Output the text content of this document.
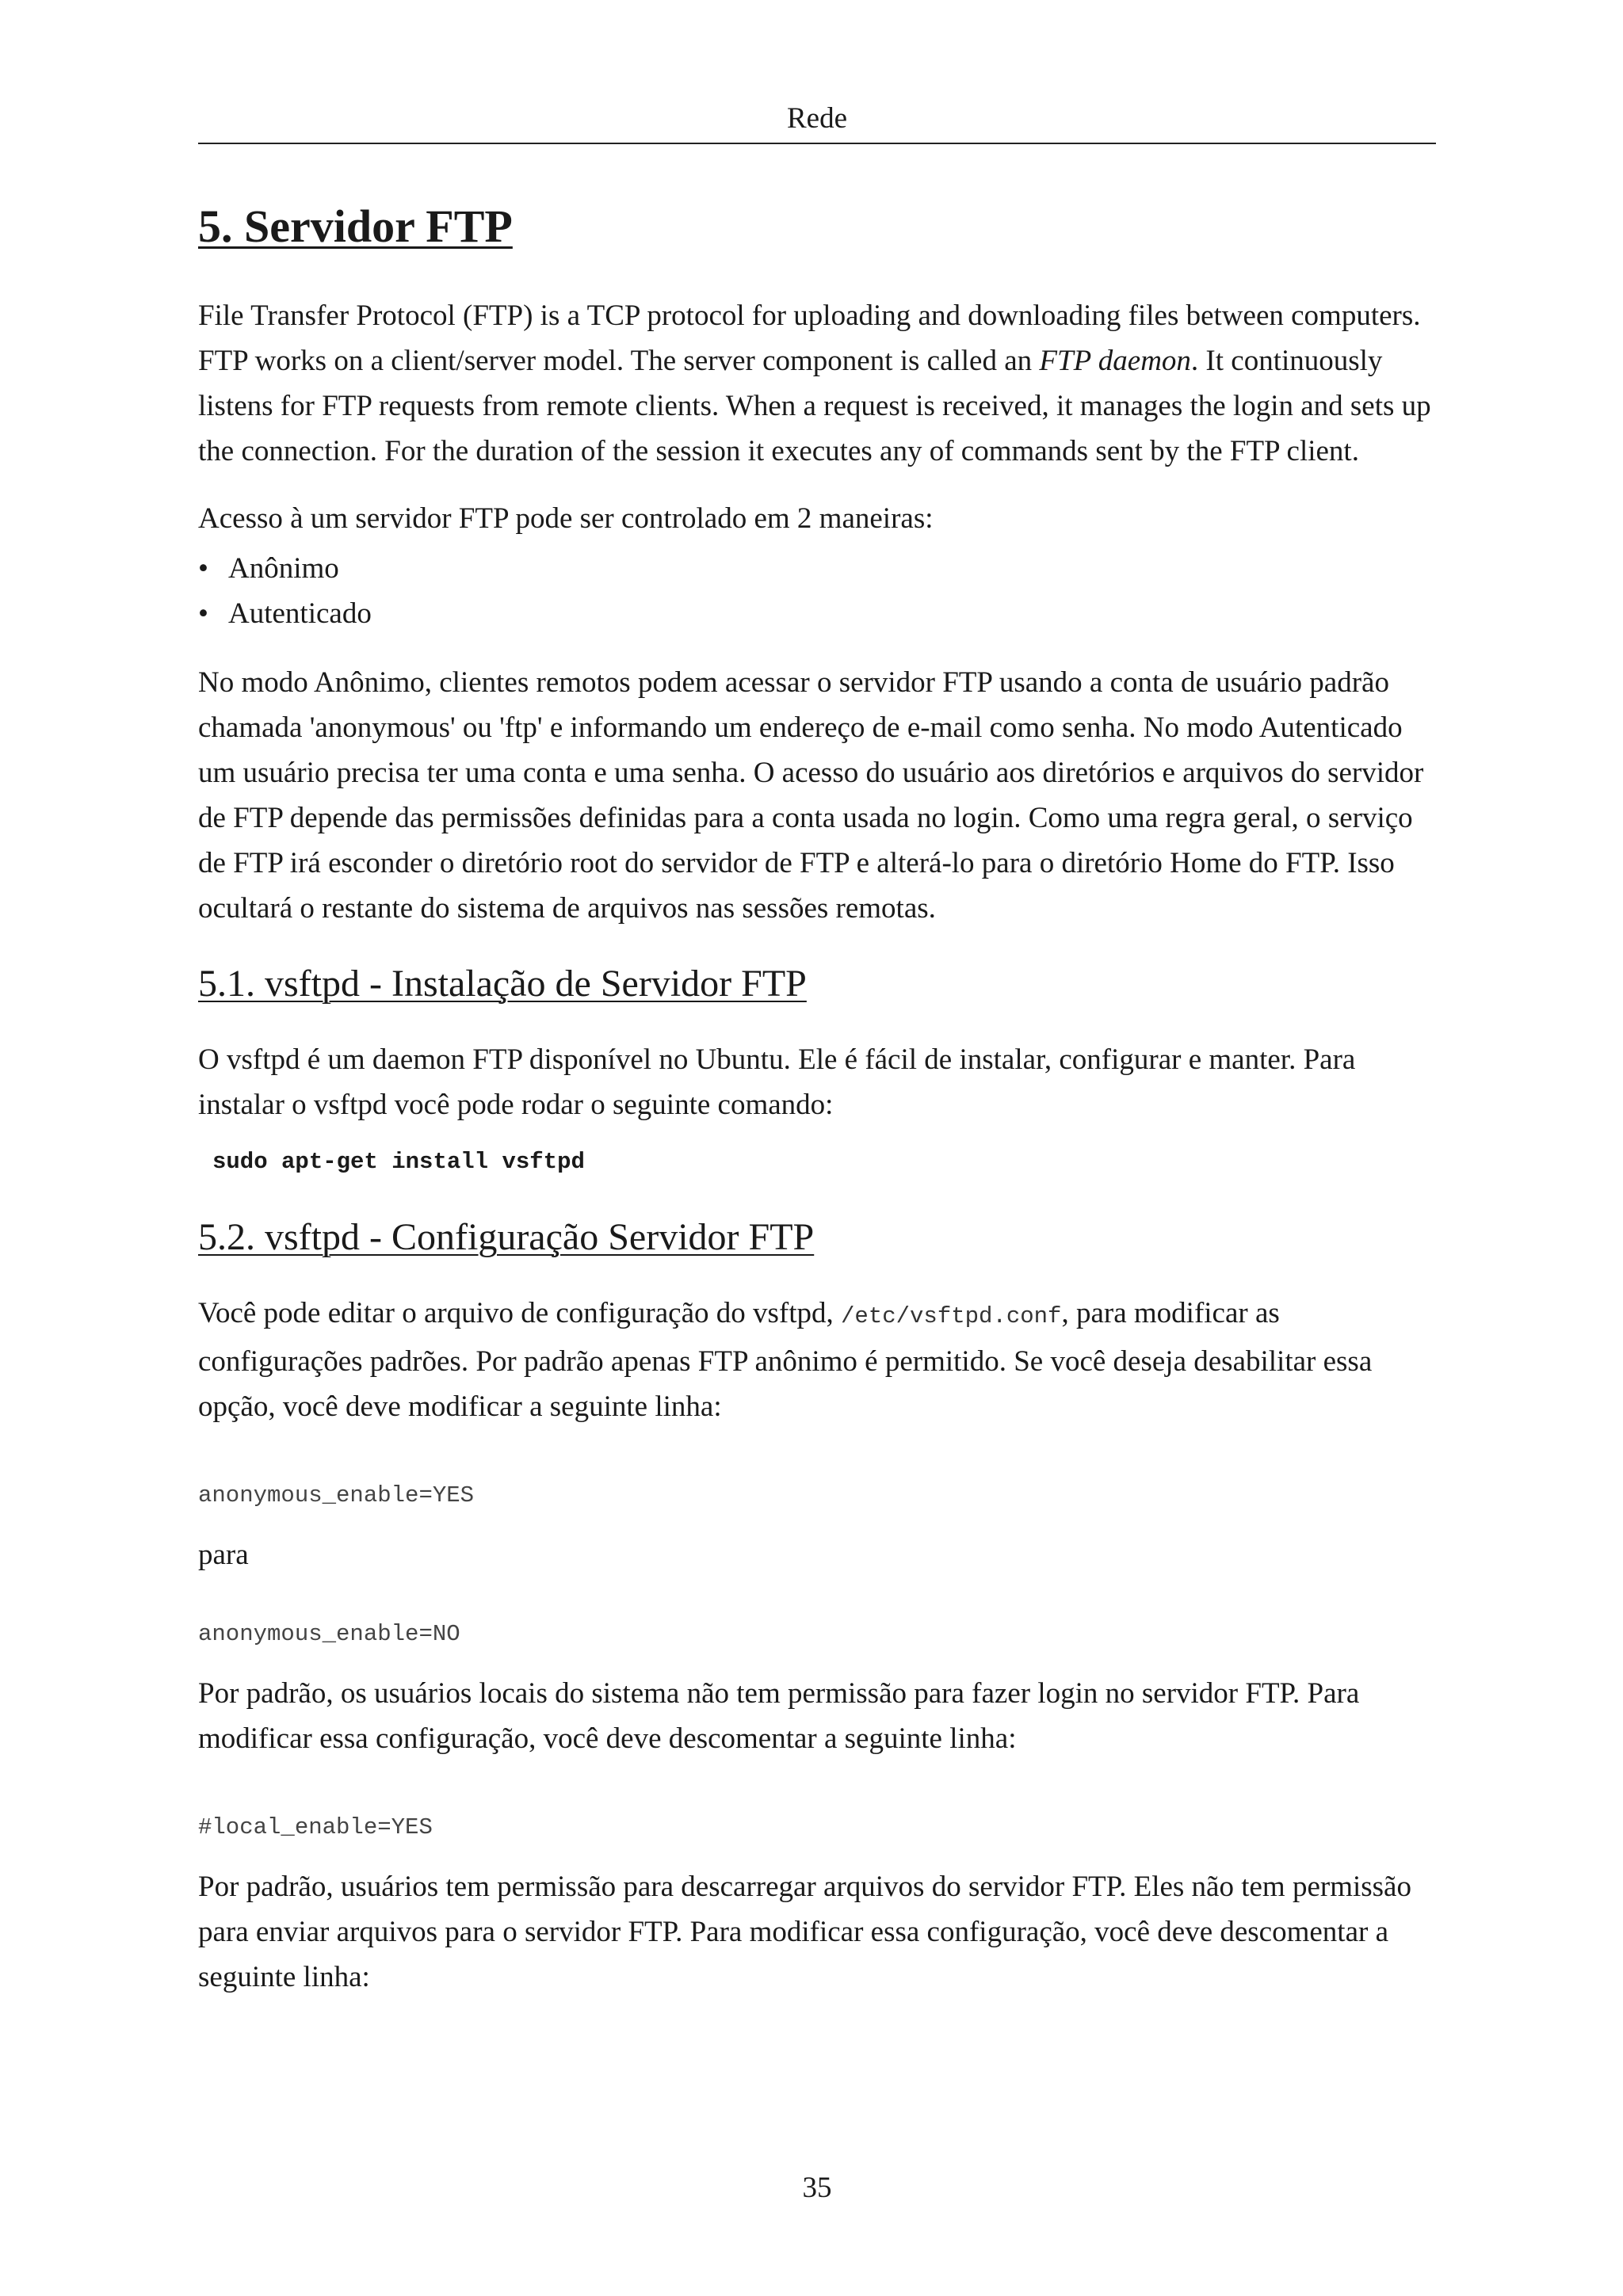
Rede
5. Servidor FTP

File Transfer Protocol (FTP) is a TCP protocol for uploading and downloading files between computers. FTP works on a client/server model. The server component is called an FTP daemon. It continuously listens for FTP requests from remote clients. When a request is received, it manages the login and sets up the connection. For the duration of the session it executes any of commands sent by the FTP client.

Acesso à um servidor FTP pode ser controlado em 2 maneiras:

• Anônimo
• Autenticado

No modo Anônimo, clientes remotos podem acessar o servidor FTP usando a conta de usuário padrão chamada 'anonymous' ou 'ftp' e informando um endereço de e-mail como senha. No modo Autenticado um usuário precisa ter uma conta e uma senha. O acesso do usuário aos diretórios e arquivos do servidor de FTP depende das permissões definidas para a conta usada no login. Como uma regra geral, o serviço de FTP irá esconder o diretório root do servidor de FTP e alterá-lo para o diretório Home do FTP. Isso ocultará o restante do sistema de arquivos nas sessões remotas.

5.1. vsftpd - Instalação de Servidor FTP

O vsftpd é um daemon FTP disponível no Ubuntu. Ele é fácil de instalar, configurar e manter. Para instalar o vsftpd você pode rodar o seguinte comando:

sudo apt-get install vsftpd
5.2. vsftpd - Configuração Servidor FTP

Você pode editar o arquivo de configuração do vsftpd, /etc/vsftpd.conf, para modificar as configurações padrões. Por padrão apenas FTP anônimo é permitido. Se você deseja desabilitar essa opção, você deve modificar a seguinte linha:

anonymous_enable=YES

para

anonymous_enable=NO

Por padrão, os usuários locais do sistema não tem permissão para fazer login no servidor FTP. Para modificar essa configuração, você deve descomentar a seguinte linha:

#local_enable=YES

Por padrão, usuários tem permissão para descarregar arquivos do servidor FTP. Eles não tem permissão para enviar arquivos para o servidor FTP. Para modificar essa configuração, você deve descomentar a seguinte linha:

35
